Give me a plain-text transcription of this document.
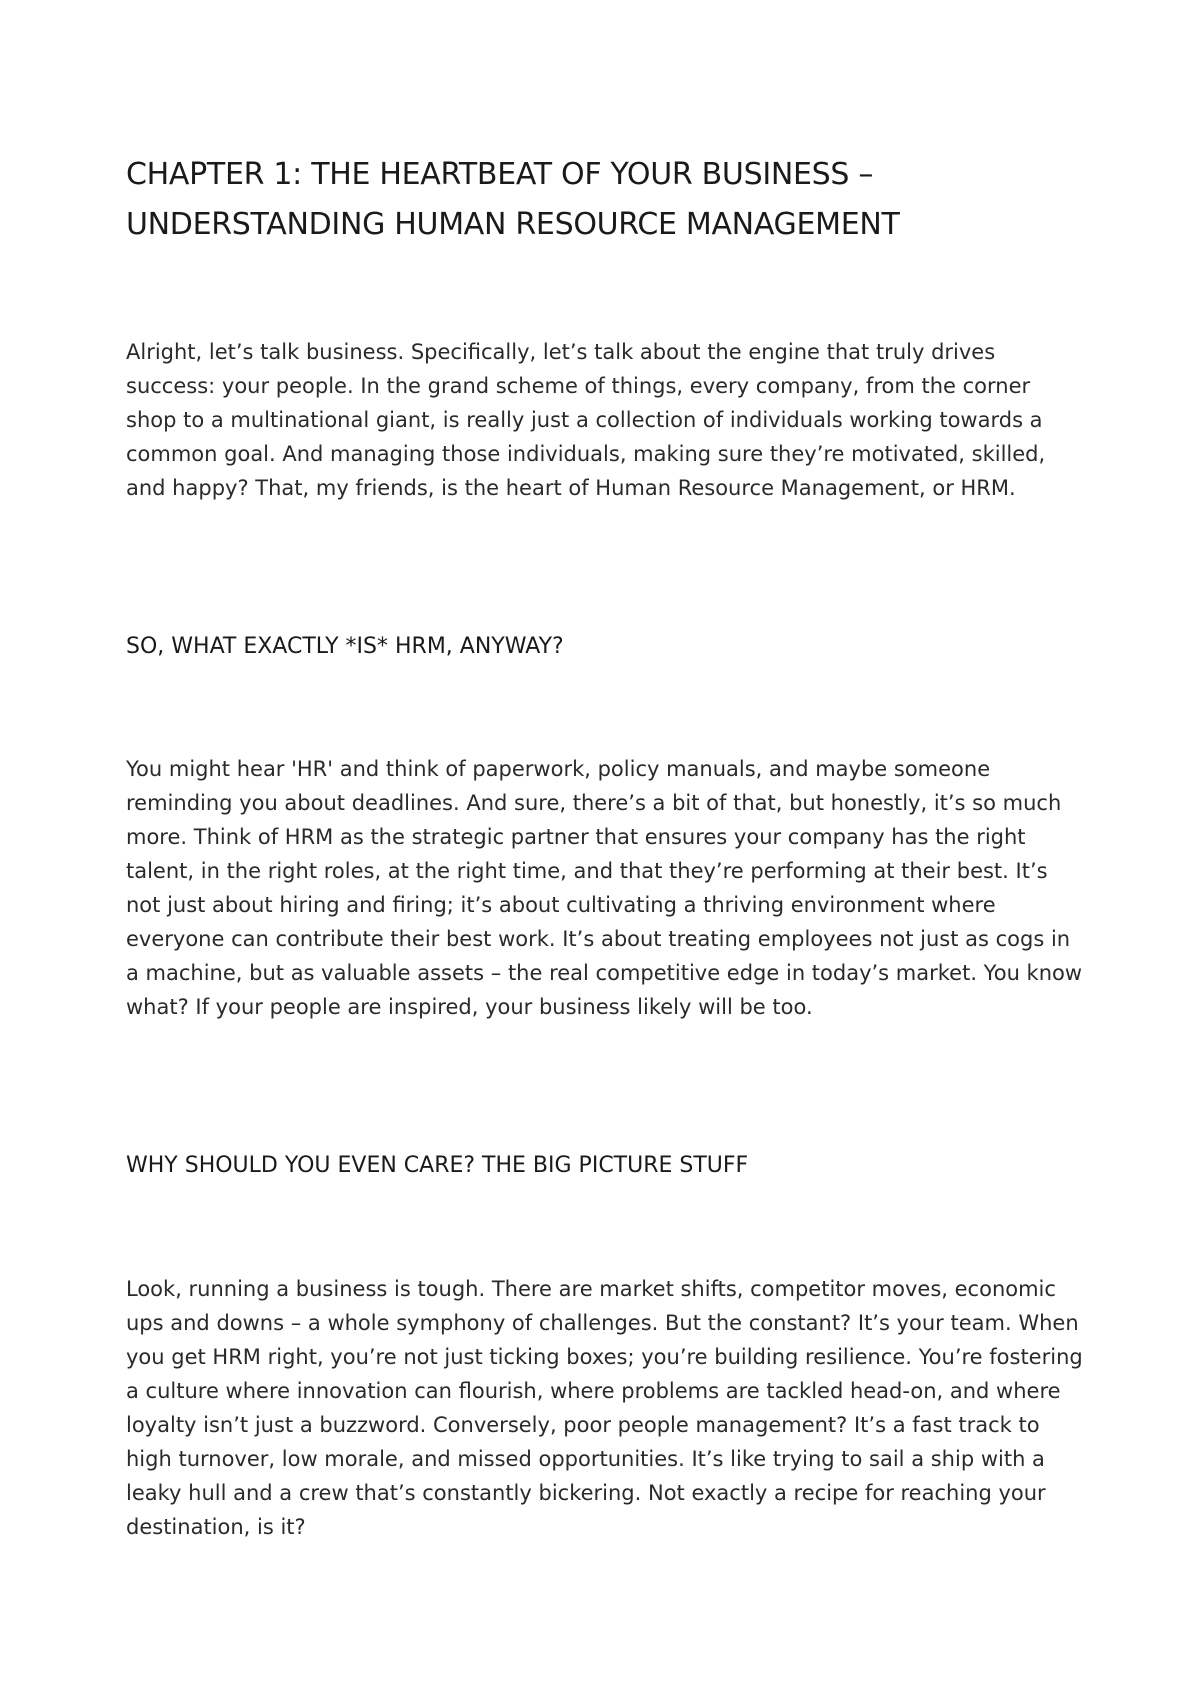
CHAPTER 1: THE HEARTBEAT OF YOUR BUSINESS –
UNDERSTANDING HUMAN RESOURCE MANAGEMENT

Alright, let’s talk business. Specifically, let’s talk about the engine that truly drives success: your people. In the grand scheme of things, every company, from the corner shop to a multinational giant, is really just a collection of individuals working towards a common goal. And managing those individuals, making sure they’re motivated, skilled, and happy? That, my friends, is the heart of Human Resource Management, or HRM.

SO, WHAT EXACTLY *IS* HRM, ANYWAY?

You might hear 'HR' and think of paperwork, policy manuals, and maybe someone reminding you about deadlines. And sure, there’s a bit of that, but honestly, it’s so much more. Think of HRM as the strategic partner that ensures your company has the right talent, in the right roles, at the right time, and that they’re performing at their best. It’s not just about hiring and firing; it’s about cultivating a thriving environment where everyone can contribute their best work. It’s about treating employees not just as cogs in a machine, but as valuable assets – the real competitive edge in today’s market. You know what? If your people are inspired, your business likely will be too.

WHY SHOULD YOU EVEN CARE? THE BIG PICTURE STUFF

Look, running a business is tough. There are market shifts, competitor moves, economic ups and downs – a whole symphony of challenges. But the constant? It’s your team. When you get HRM right, you’re not just ticking boxes; you’re building resilience. You’re fostering a culture where innovation can flourish, where problems are tackled head-on, and where loyalty isn’t just a buzzword. Conversely, poor people management? It’s a fast track to high turnover, low morale, and missed opportunities. It’s like trying to sail a ship with a leaky hull and a crew that’s constantly bickering. Not exactly a recipe for reaching your destination, is it?
